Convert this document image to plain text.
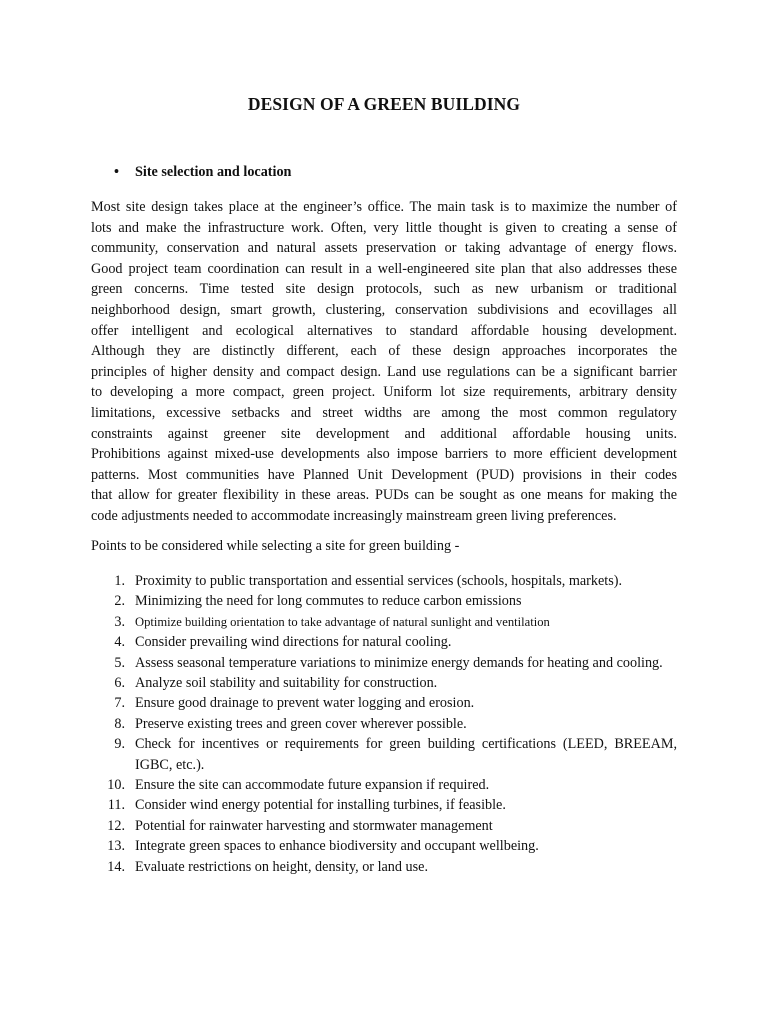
DESIGN OF A GREEN BUILDING
• Site selection and location
Most site design takes place at the engineer’s office. The main task is to maximize the number of
lots and make the infrastructure work. Often, very little thought is given to creating a sense of
community, conservation and natural assets preservation or taking advantage of energy flows.
Good project team coordination can result in a well-engineered site plan that also addresses these
green concerns. Time tested site design protocols, such as new urbanism or traditional
neighborhood design, smart growth, clustering, conservation subdivisions and ecovillages all
offer intelligent and ecological alternatives to standard affordable housing development.
Although they are distinctly different, each of these design approaches incorporates the
principles of higher density and compact design. Land use regulations can be a significant barrier
to developing a more compact, green project. Uniform lot size requirements, arbitrary density
limitations, excessive setbacks and street widths are among the most common regulatory
constraints against greener site development and additional affordable housing units.
Prohibitions against mixed-use developments also impose barriers to more efficient development
patterns. Most communities have Planned Unit Development (PUD) provisions in their codes
that allow for greater flexibility in these areas. PUDs can be sought as one means for making the
code adjustments needed to accommodate increasingly mainstream green living preferences.
Points to be considered while selecting a site for green building -
1. Proximity to public transportation and essential services (schools, hospitals, markets).
2. Minimizing the need for long commutes to reduce carbon emissions
3. Optimize building orientation to take advantage of natural sunlight and ventilation
4. Consider prevailing wind directions for natural cooling.
5. Assess seasonal temperature variations to minimize energy demands for heating and cooling.
6. Analyze soil stability and suitability for construction.
7. Ensure good drainage to prevent water logging and erosion.
8. Preserve existing trees and green cover wherever possible.
9. Check for incentives or requirements for green building certifications (LEED, BREEAM, IGBC, etc.).
10. Ensure the site can accommodate future expansion if required.
11. Consider wind energy potential for installing turbines, if feasible.
12. Potential for rainwater harvesting and stormwater management
13. Integrate green spaces to enhance biodiversity and occupant wellbeing.
14. Evaluate restrictions on height, density, or land use.
